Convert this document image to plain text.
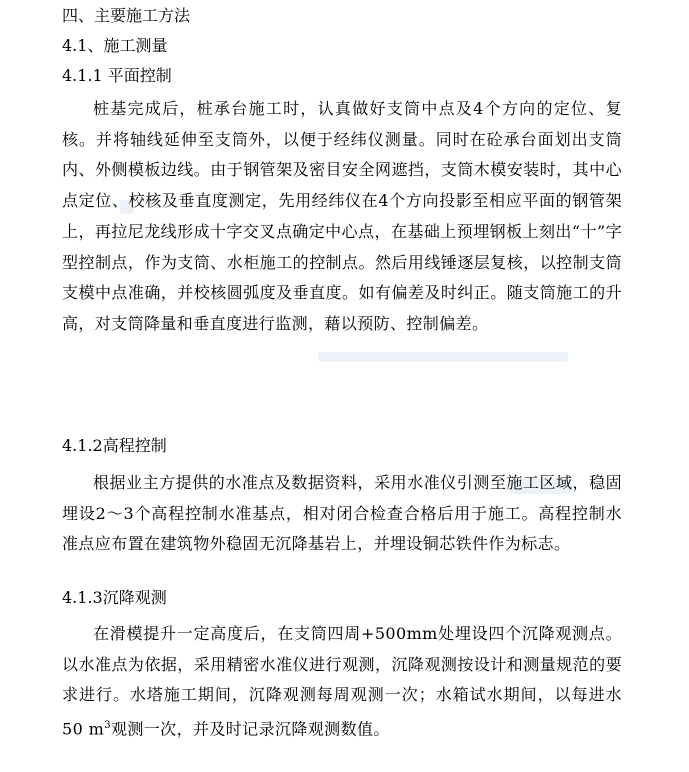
四、主要施工方法
4.1、施工测量
4.1.1 平面控制

桩基完成后，桩承台施工时，认真做好支筒中点及4个方向的定位、复核。并将轴线延伸至支筒外，以便于经纬仪测量。同时在砼承台面划出支筒内、外侧模板边线。由于钢管架及密目安全网遮挡，支筒木模安装时，其中心点定位、校核及垂直度测定，先用经纬仪在4个方向投影至相应平面的钢管架上，再拉尼龙线形成十字交叉点确定中心点，在基础上预埋钢板上刻出“十”字型控制点，作为支筒、水柜施工的控制点。然后用线锤逐层复核，以控制支筒支模中点准确，并校核圆弧度及垂直度。如有偏差及时纠正。随支筒施工的升高，对支筒降量和垂直度进行监测，藉以预防、控制偏差。

4.1.2高程控制

根据业主方提供的水准点及数据资料，采用水准仪引测至施工区域，稳固埋设2～3个高程控制水准基点，相对闭合检查合格后用于施工。高程控制水准点应布置在建筑物外稳固无沉降基岩上，并埋设铜芯铁件作为标志。

4.1.3沉降观测

在滑模提升一定高度后，在支筒四周+500mm处埋设四个沉降观测点。以水准点为依据，采用精密水准仪进行观测，沉降观测按设计和测量规范的要求进行。水塔施工期间，沉降观测每周观测一次；水箱试水期间，以每进水50 $m^3$观测一次，并及时记录沉降观测数值。
